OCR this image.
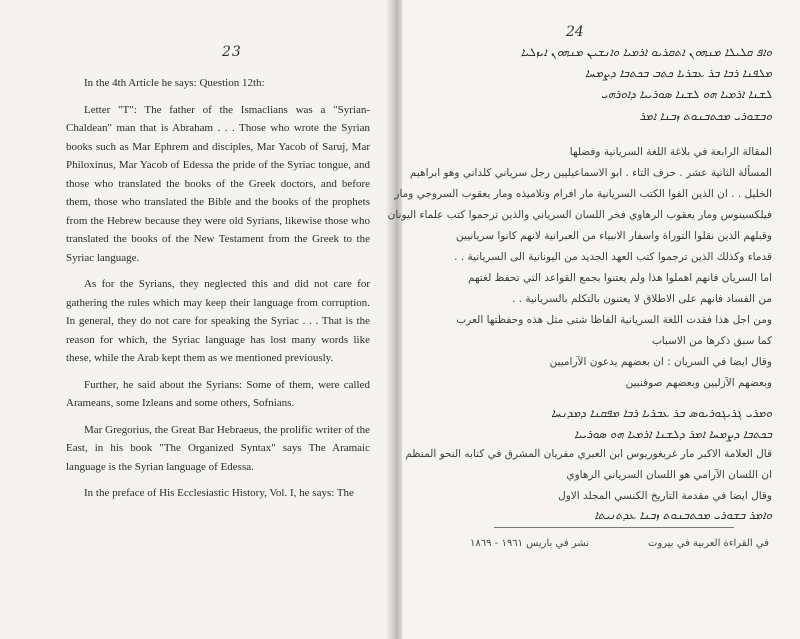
23

In the 4th Article he says: Question 12th:

Letter "T": The father of the Ismaclians was a "Syrian-Chaldean" man that is Abraham . . . Those who wrote the Syrian books such as Mar Ephrem and disciples, Mar Yacob of Saruj, Mar Philoxinus, Mar Yacob of Edessa the pride of the Syriac tongue, and those who translated the books of the Greek doctors, and before them, those who translated the Bible and the books of the prophets from the Hebrew because they were old Syrians, likewise those who translated the books of the New Testament from the Greek to the Syriac language.

As for the Syrians, they neglected this and did not care for gathering the rules which may keep their language from corruption. In general, they do not care for speaking the Syriac . . . That is the reason for which, the Syriac language has lost many words like these, while the Arab kept them as we mentioned previously.

Further, he said about the Syrians: Some of them, were called Arameans, some Izleans and some others, Sofnians.

Mar Gregorius, the Great Bar Hebraeus, the prolific writer of the East, in his book "The Organized Syntax" says The Aramaic language is the Syrian language of Edessa.

In the preface of His Ecclesiastic History, Vol. I, he says: The

24
ܘܐܦ ܩܠܝܠܐ ܡܢܗܘܢ ܐܬܩܪܝܘ ܐܪܡܝܐ ܘܐܢܫܝܢ ܡܢܗܘܢ ܐܝܙܠܝܐ
ܡܠܦܢܐ ܪܒܐ ܒܪ ܥܒܪܝܐ ܟܬܒ ܒܟܬܒܐ ܕܨܡܚܐ
ܠܫܢܐ ܐܪܡܝܐ ܗܘ ܠܫܢܐ ܣܘܪܝܝܐ ܕܐܘܪܗܝ
ܘܒܫܘܪܝ ܡܟܬܒܢܘܬ ܙܒܢܐ ܐܡܪ
المقالة الرابعة في بلاغة اللغة السريانية وفضلها
المسألة الثانية عشر . حرف التاء . ابو الاسماعيليين رجل سرياني كلداني وهو ابراهيم
الخليل . . ان الذين الفوا الكتب السريانية مار افرام وتلاميذه ومار يعقوب السروجي ومار
فيلكسينوس ومار يعقوب الرهاوي فخر اللسان السرياني والذين ترجموا كتب علماء اليونان
وقبلهم الذين نقلوا التوراة واسفار الانبياء من العبرانية لانهم كانوا سريانيين
قدماء وكذلك الذين ترجموا كتب العهد الجديد من اليونانية الى السريانية . .
اما السريان فانهم اهملوا هذا ولم يعتنوا بجمع القواعد التي تحفظ لغتهم
من الفساد فانهم على الاطلاق لا يعتنون بالتكلم بالسريانية . .
ومن اجل هذا فقدت اللغة السريانية الفاظا شتى مثل هذه وحفظتها العرب
كما سبق ذكرها من الاسباب
وقال ايضا في السريان : ان بعضهم يدعون الآراميين
وبعضهم الآزليين وبعضهم صوفنيين
ܘܡܪܝ ܓܪܝܓܘܪܝܘܣ ܒܪ ܥܒܪܝܐ ܪܒܐ ܡܦܩܢܐ ܕܡܕܢܚܐ
ܒܟܬܒܐ ܕܨܡܚܐ ܐܡܪ ܕܠܫܢܐ ܐܪܡܝܐ ܗܘ ܣܘܪܝܝܐ
قال العلامة الاكبر مار غريغوريوس ابن العبري مفريان المشرق في كتابه النحو المنظم
ان اللسان الآرامي هو اللسان السرياني الرهاوي
وقال ايضا في مقدمة التاريخ الكنسي المجلد الاول
ܘܐܡܪ ܒܫܘܪܝ ܡܟܬܒܢܘܬ ܙܒܢܐ ܥܕܬܢܝܬܐ
في القراءة العربية في بيروت
نشر في باريس ١٩٦١ - ١٨٦٩
